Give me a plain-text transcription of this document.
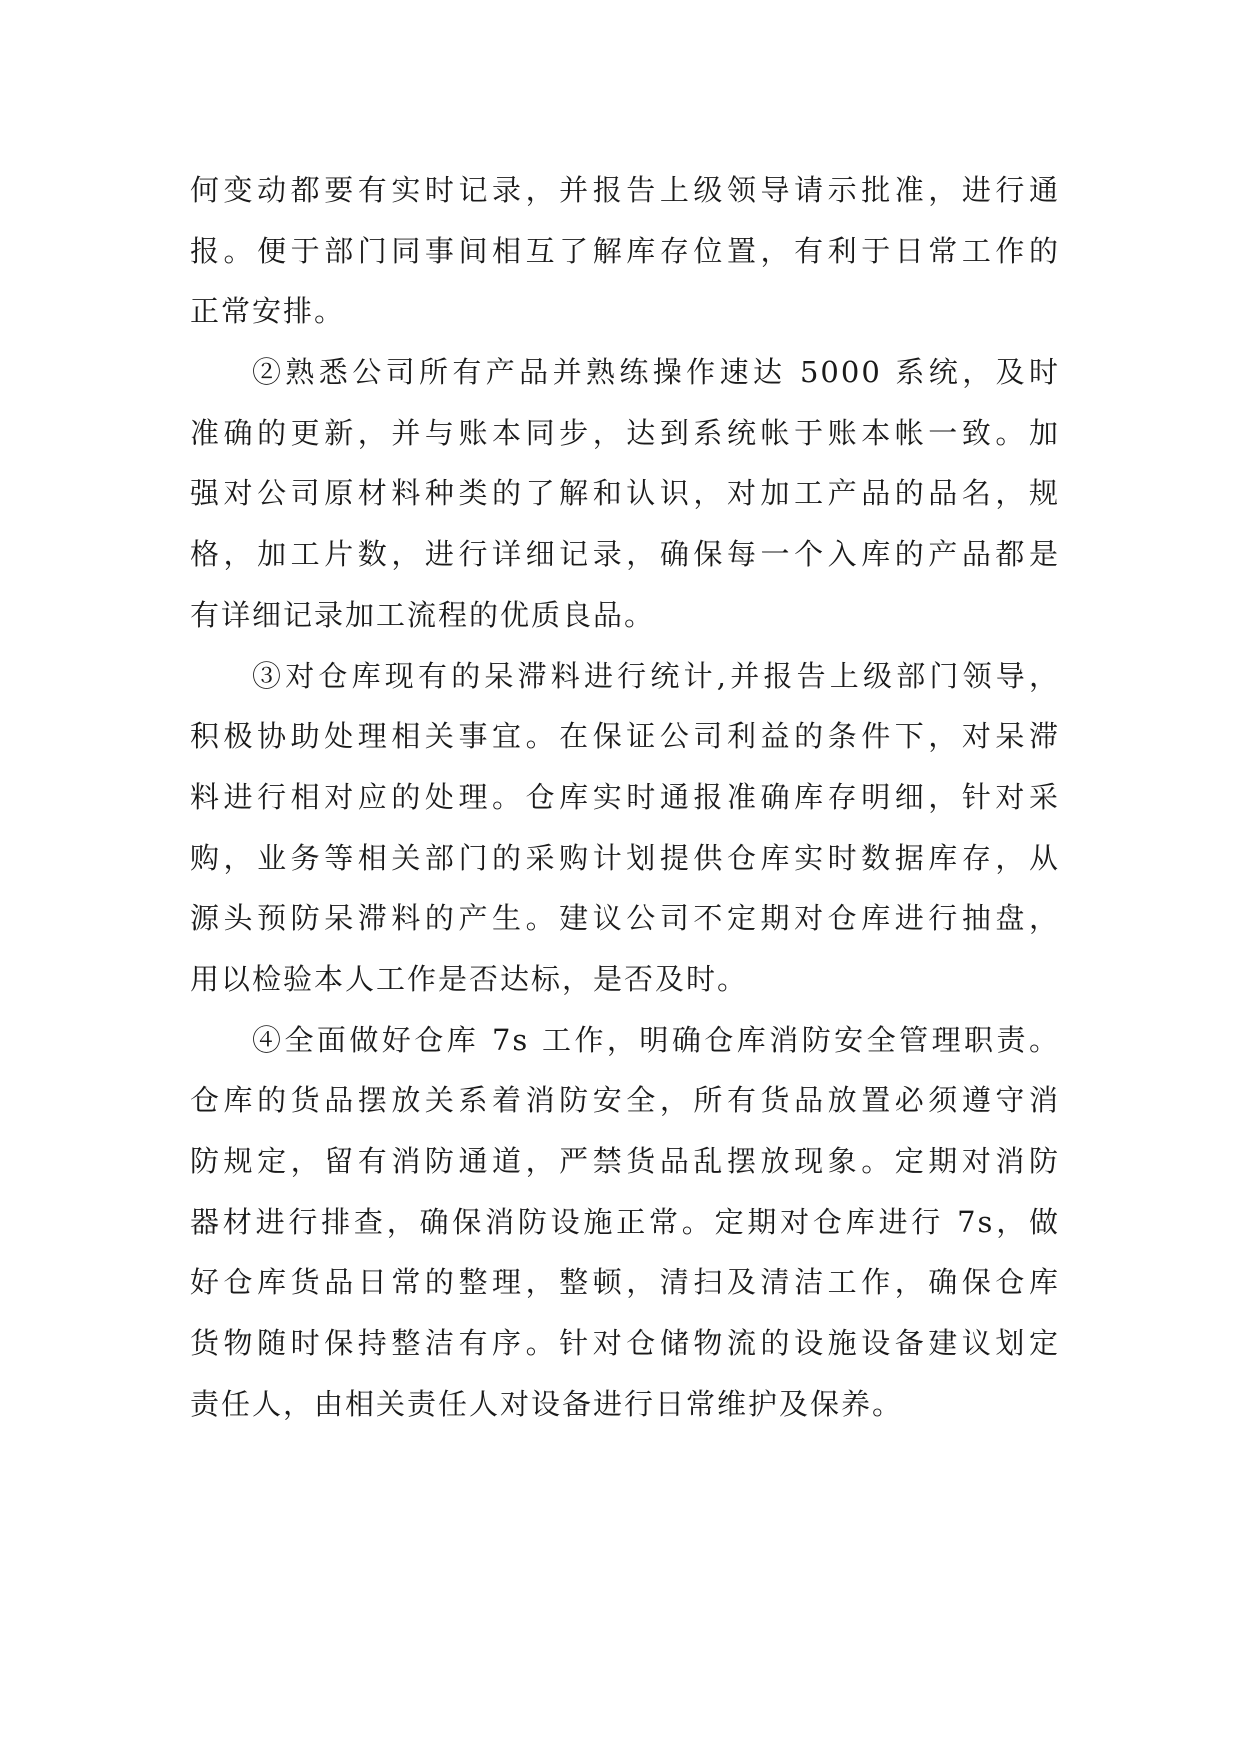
何变动都要有实时记录，并报告上级领导请示批准，进行通
报。便于部门同事间相互了解库存位置，有利于日常工作的
正常安排。
②熟悉公司所有产品并熟练操作速达 5000 系统，及时
准确的更新，并与账本同步，达到系统帐于账本帐一致。加
强对公司原材料种类的了解和认识，对加工产品的品名，规
格，加工片数，进行详细记录，确保每一个入库的产品都是
有详细记录加工流程的优质良品。
③对仓库现有的呆滞料进行统计,并报告上级部门领导，
积极协助处理相关事宜。在保证公司利益的条件下，对呆滞
料进行相对应的处理。仓库实时通报准确库存明细，针对采
购，业务等相关部门的采购计划提供仓库实时数据库存，从
源头预防呆滞料的产生。建议公司不定期对仓库进行抽盘，
用以检验本人工作是否达标，是否及时。
④全面做好仓库 7s 工作，明确仓库消防安全管理职责。
仓库的货品摆放关系着消防安全，所有货品放置必须遵守消
防规定，留有消防通道，严禁货品乱摆放现象。定期对消防
器材进行排查，确保消防设施正常。定期对仓库进行 7s，做
好仓库货品日常的整理，整顿，清扫及清洁工作，确保仓库
货物随时保持整洁有序。针对仓储物流的设施设备建议划定
责任人，由相关责任人对设备进行日常维护及保养。
